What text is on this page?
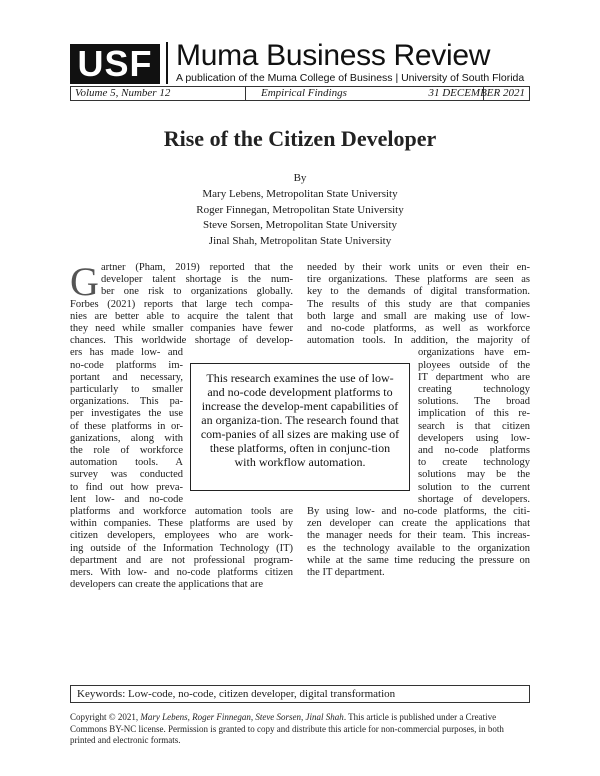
USF Muma Business Review
A publication of the Muma College of Business | University of South Florida
Volume 5, Number 12	Empirical Findings	31 DECEMBER 2021
Rise of the Citizen Developer
By
Mary Lebens, Metropolitan State University
Roger Finnegan, Metropolitan State University
Steve Sorsen, Metropolitan State University
Jinal Shah, Metropolitan State University
G artner (Pham, 2019) reported that the
developer talent shortage is the num-
ber one risk to organizations globally.
Forbes (2021) reports that large tech compa-
nies are better able to acquire the talent that
they need while smaller companies have fewer
chances. This worldwide shortage of develop-
ers has made low- and
no-code platforms im-
portant and necessary,
particularly to smaller
organizations. This pa-
per investigates the use
of these platforms in or-
ganizations, along with
the role of workforce
automation tools. A
survey was conducted
to find out how preva-
lent low- and no-code
platforms and workforce automation tools are
within companies. These platforms are used by
citizen developers, employees who are work-
ing outside of the Information Technology (IT)
department and are not professional program-
mers. With low- and no-code platforms citizen
developers can create the applications that are
needed by their work units or even their en-
tire organizations. These platforms are seen as
key to the demands of digital transformation.
The results of this study are that companies
both large and small are making use of low-
and no-code platforms, as well as workforce
automation tools. In addition, the majority of
organizations have em-
ployees outside of the
IT department who are
creating technology
solutions. The broad
implication of this re-
search is that citizen
developers using low-
and no-code platforms
to create technology
solutions may be the
solution to the current
shortage of developers.
By using low- and no-code platforms, the citi-
zen developer can create the applications that
the manager needs for their team. This increas-
es the technology available to the organization
while at the same time reducing the pressure on
the IT department.
This research examines the use of low- and no-code development platforms to increase the develop-ment capabilities of an organiza-tion. The research found that com-panies of all sizes are making use of these platforms, often in conjunc-tion with workflow automation.
Keywords: Low-code, no-code, citizen developer, digital transformation
Copyright © 2021, Mary Lebens, Roger Finnegan, Steve Sorsen, Jinal Shah. This article is published under a Creative Commons BY-NC license. Permission is granted to copy and distribute this article for non-commercial purposes, in both printed and electronic formats.
